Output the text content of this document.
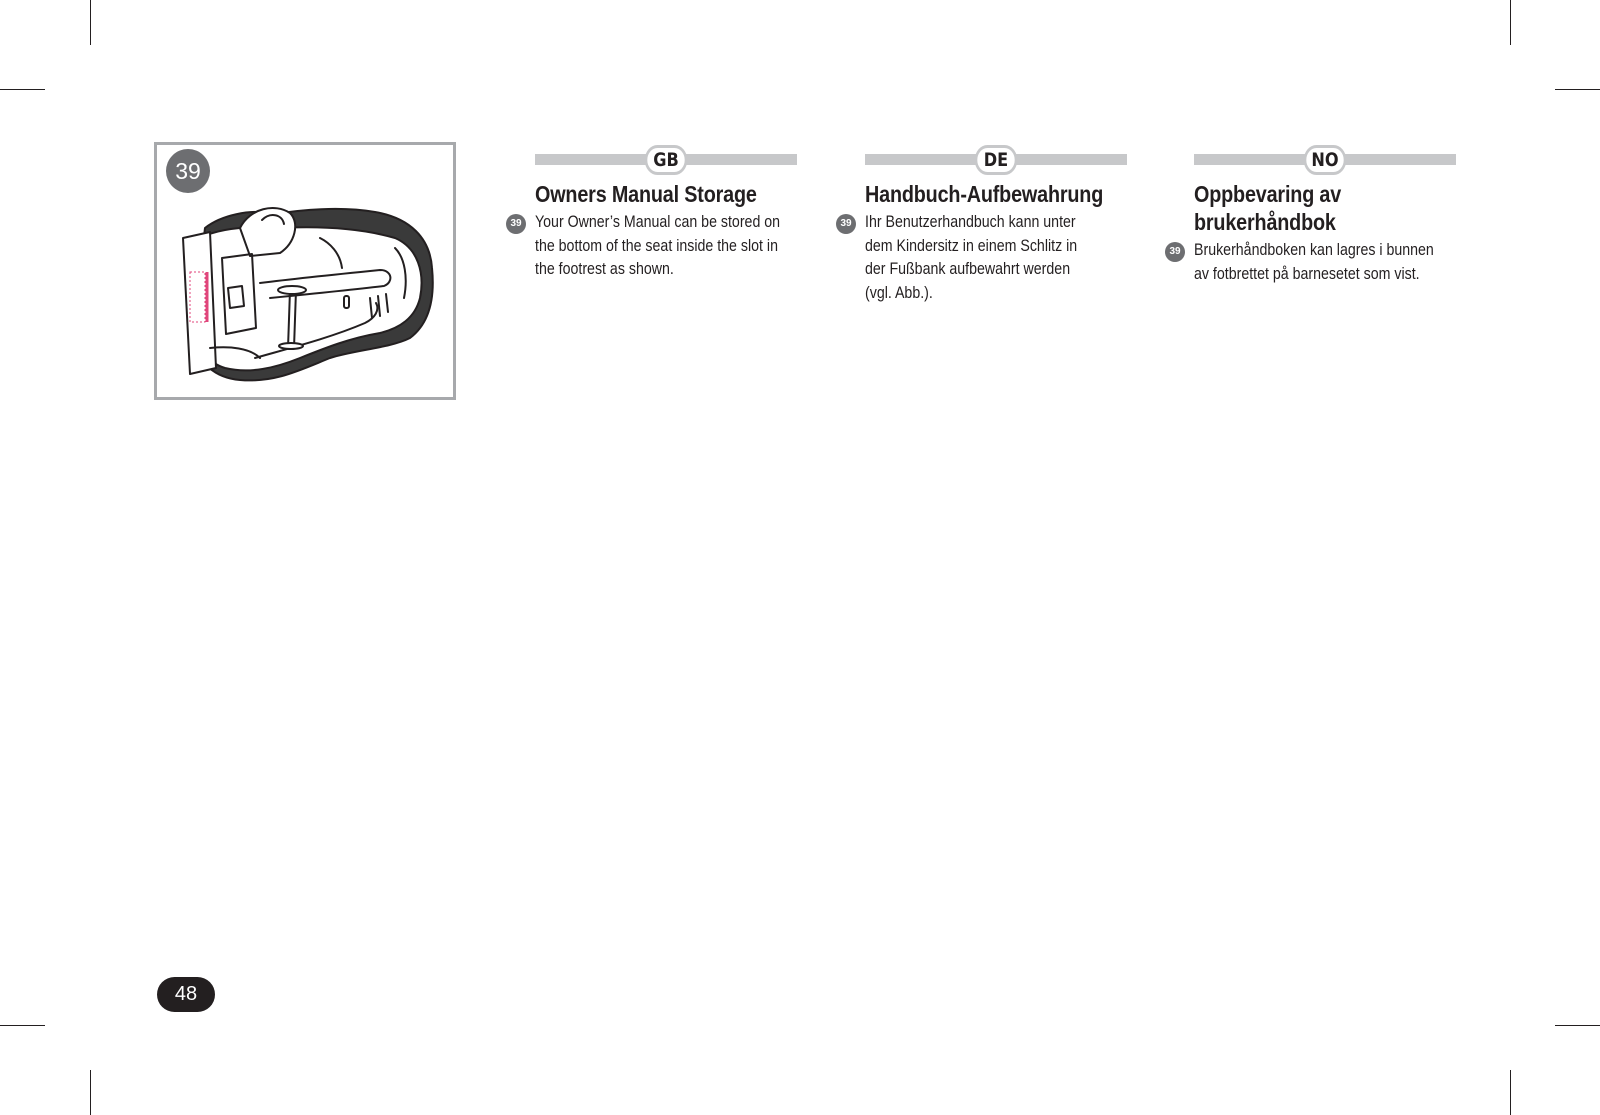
39	GB
Owners Manual Storage
39 Your Owner’s Manual can be stored on
the bottom of the seat inside the slot in
the footrest as shown.
DE
Handbuch-Aufbewahrung
39 Ihr Benutzerhandbuch kann unter
dem Kindersitz in einem Schlitz in
der Fußbank aufbewahrt werden
(vgl. Abb.).
NO
Oppbevaring av
brukerhåndbok
39 Brukerhåndboken kan lagres i bunnen
av fotbrettet på barnesetet som vist.
48
